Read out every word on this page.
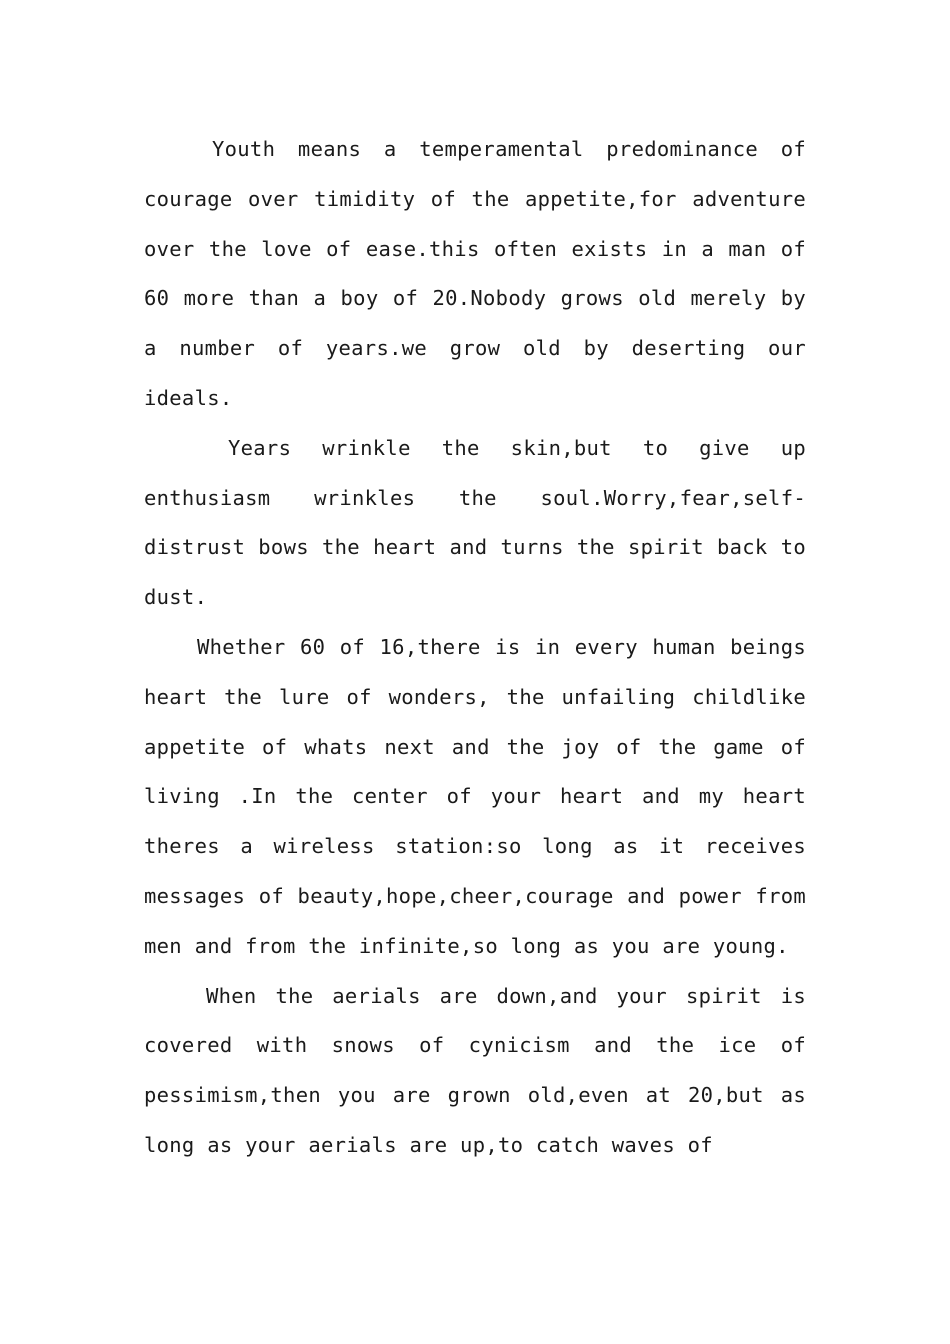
Youth means a temperamental predominance of courage over timidity of the appetite,for adventure over the love of ease.this often exists in a man of 60 more than a boy of 20.Nobody grows old merely by a number of years.we grow old by deserting our ideals.

Years wrinkle the skin,but to give up enthusiasm wrinkles the soul.Worry,fear,self-distrust bows the heart and turns the spirit back to dust.

Whether 60 of 16,there is in every human beings heart the lure of wonders, the unfailing childlike appetite of whats next and the joy of the game of living .In the center of your heart and my heart theres a wireless station:so long as it receives messages of beauty,hope,cheer,courage and power from men and from the infinite,so long as you are young.

When the aerials are down,and your spirit is covered with snows of cynicism and the ice of pessimism,then you are grown old,even at 20,but as long as your aerials are up,to catch waves of
